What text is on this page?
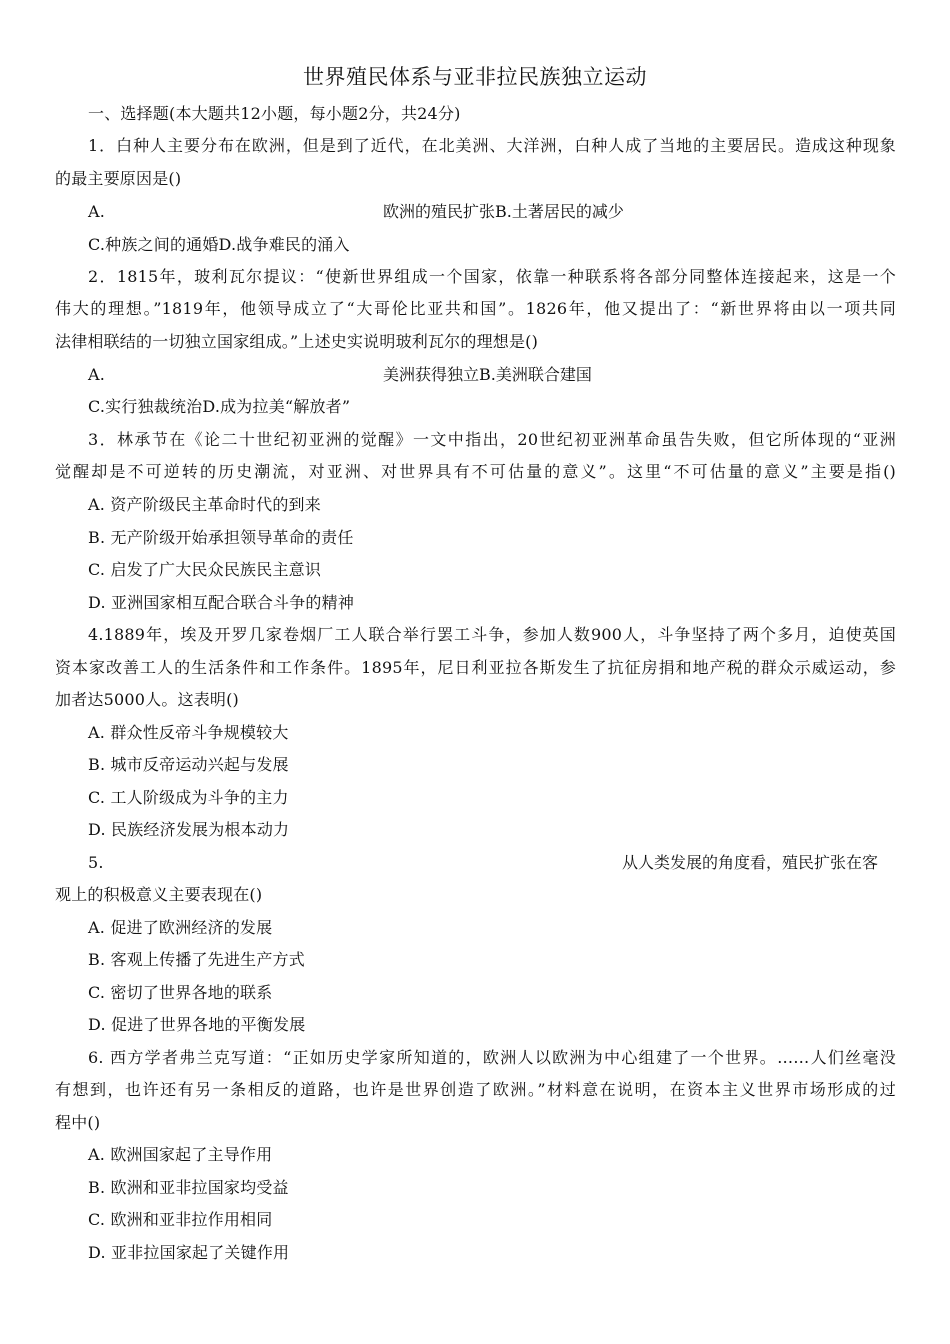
世界殖民体系与亚非拉民族独立运动
一、选择题(本大题共12小题，每小题2分，共24分)
1．白种人主要分布在欧洲，但是到了近代，在北美洲、大洋洲，白种人成了当地的主要居民。造成这种现象
的最主要原因是()
A.	欧洲的殖民扩张B.土著居民的减少
C.种族之间的通婚D.战争难民的涌入
2．1815年，玻利瓦尔提议：“使新世界组成一个国家，依靠一种联系将各部分同整体连接起来，这是一个
伟大的理想。”1819年，他领导成立了“大哥伦比亚共和国”。1826年，他又提出了：“新世界将由以一项共同
法律相联结的一切独立国家组成。”上述史实说明玻利瓦尔的理想是()
A.	美洲获得独立B.美洲联合建国
C.实行独裁统治D.成为拉美“解放者”
3．林承节在《论二十世纪初亚洲的觉醒》一文中指出，20世纪初亚洲革命虽告失败，但它所体现的“亚洲
觉醒却是不可逆转的历史潮流，对亚洲、对世界具有不可估量的意义”。这里“不可估量的意义”主要是指()
A. 资产阶级民主革命时代的到来
B. 无产阶级开始承担领导革命的责任
C. 启发了广大民众民族民主意识
D. 亚洲国家相互配合联合斗争的精神
4.1889年，埃及开罗几家卷烟厂工人联合举行罢工斗争，参加人数900人，斗争坚持了两个多月，迫使英国
资本家改善工人的生活条件和工作条件。1895年，尼日利亚拉各斯发生了抗征房捐和地产税的群众示威运动，参
加者达5000人。这表明()
A. 群众性反帝斗争规模较大
B. 城市反帝运动兴起与发展
C. 工人阶级成为斗争的主力
D. 民族经济发展为根本动力
5.	从人类发展的角度看，殖民扩张在客
观上的积极意义主要表现在()
A. 促进了欧洲经济的发展
B. 客观上传播了先进生产方式
C. 密切了世界各地的联系
D. 促进了世界各地的平衡发展
6. 西方学者弗兰克写道：“正如历史学家所知道的，欧洲人以欧洲为中心组建了一个世界。……人们丝毫没
有想到，也许还有另一条相反的道路，也许是世界创造了欧洲。”材料意在说明，在资本主义世界市场形成的过
程中()
A. 欧洲国家起了主导作用
B. 欧洲和亚非拉国家均受益
C. 欧洲和亚非拉作用相同
D. 亚非拉国家起了关键作用
